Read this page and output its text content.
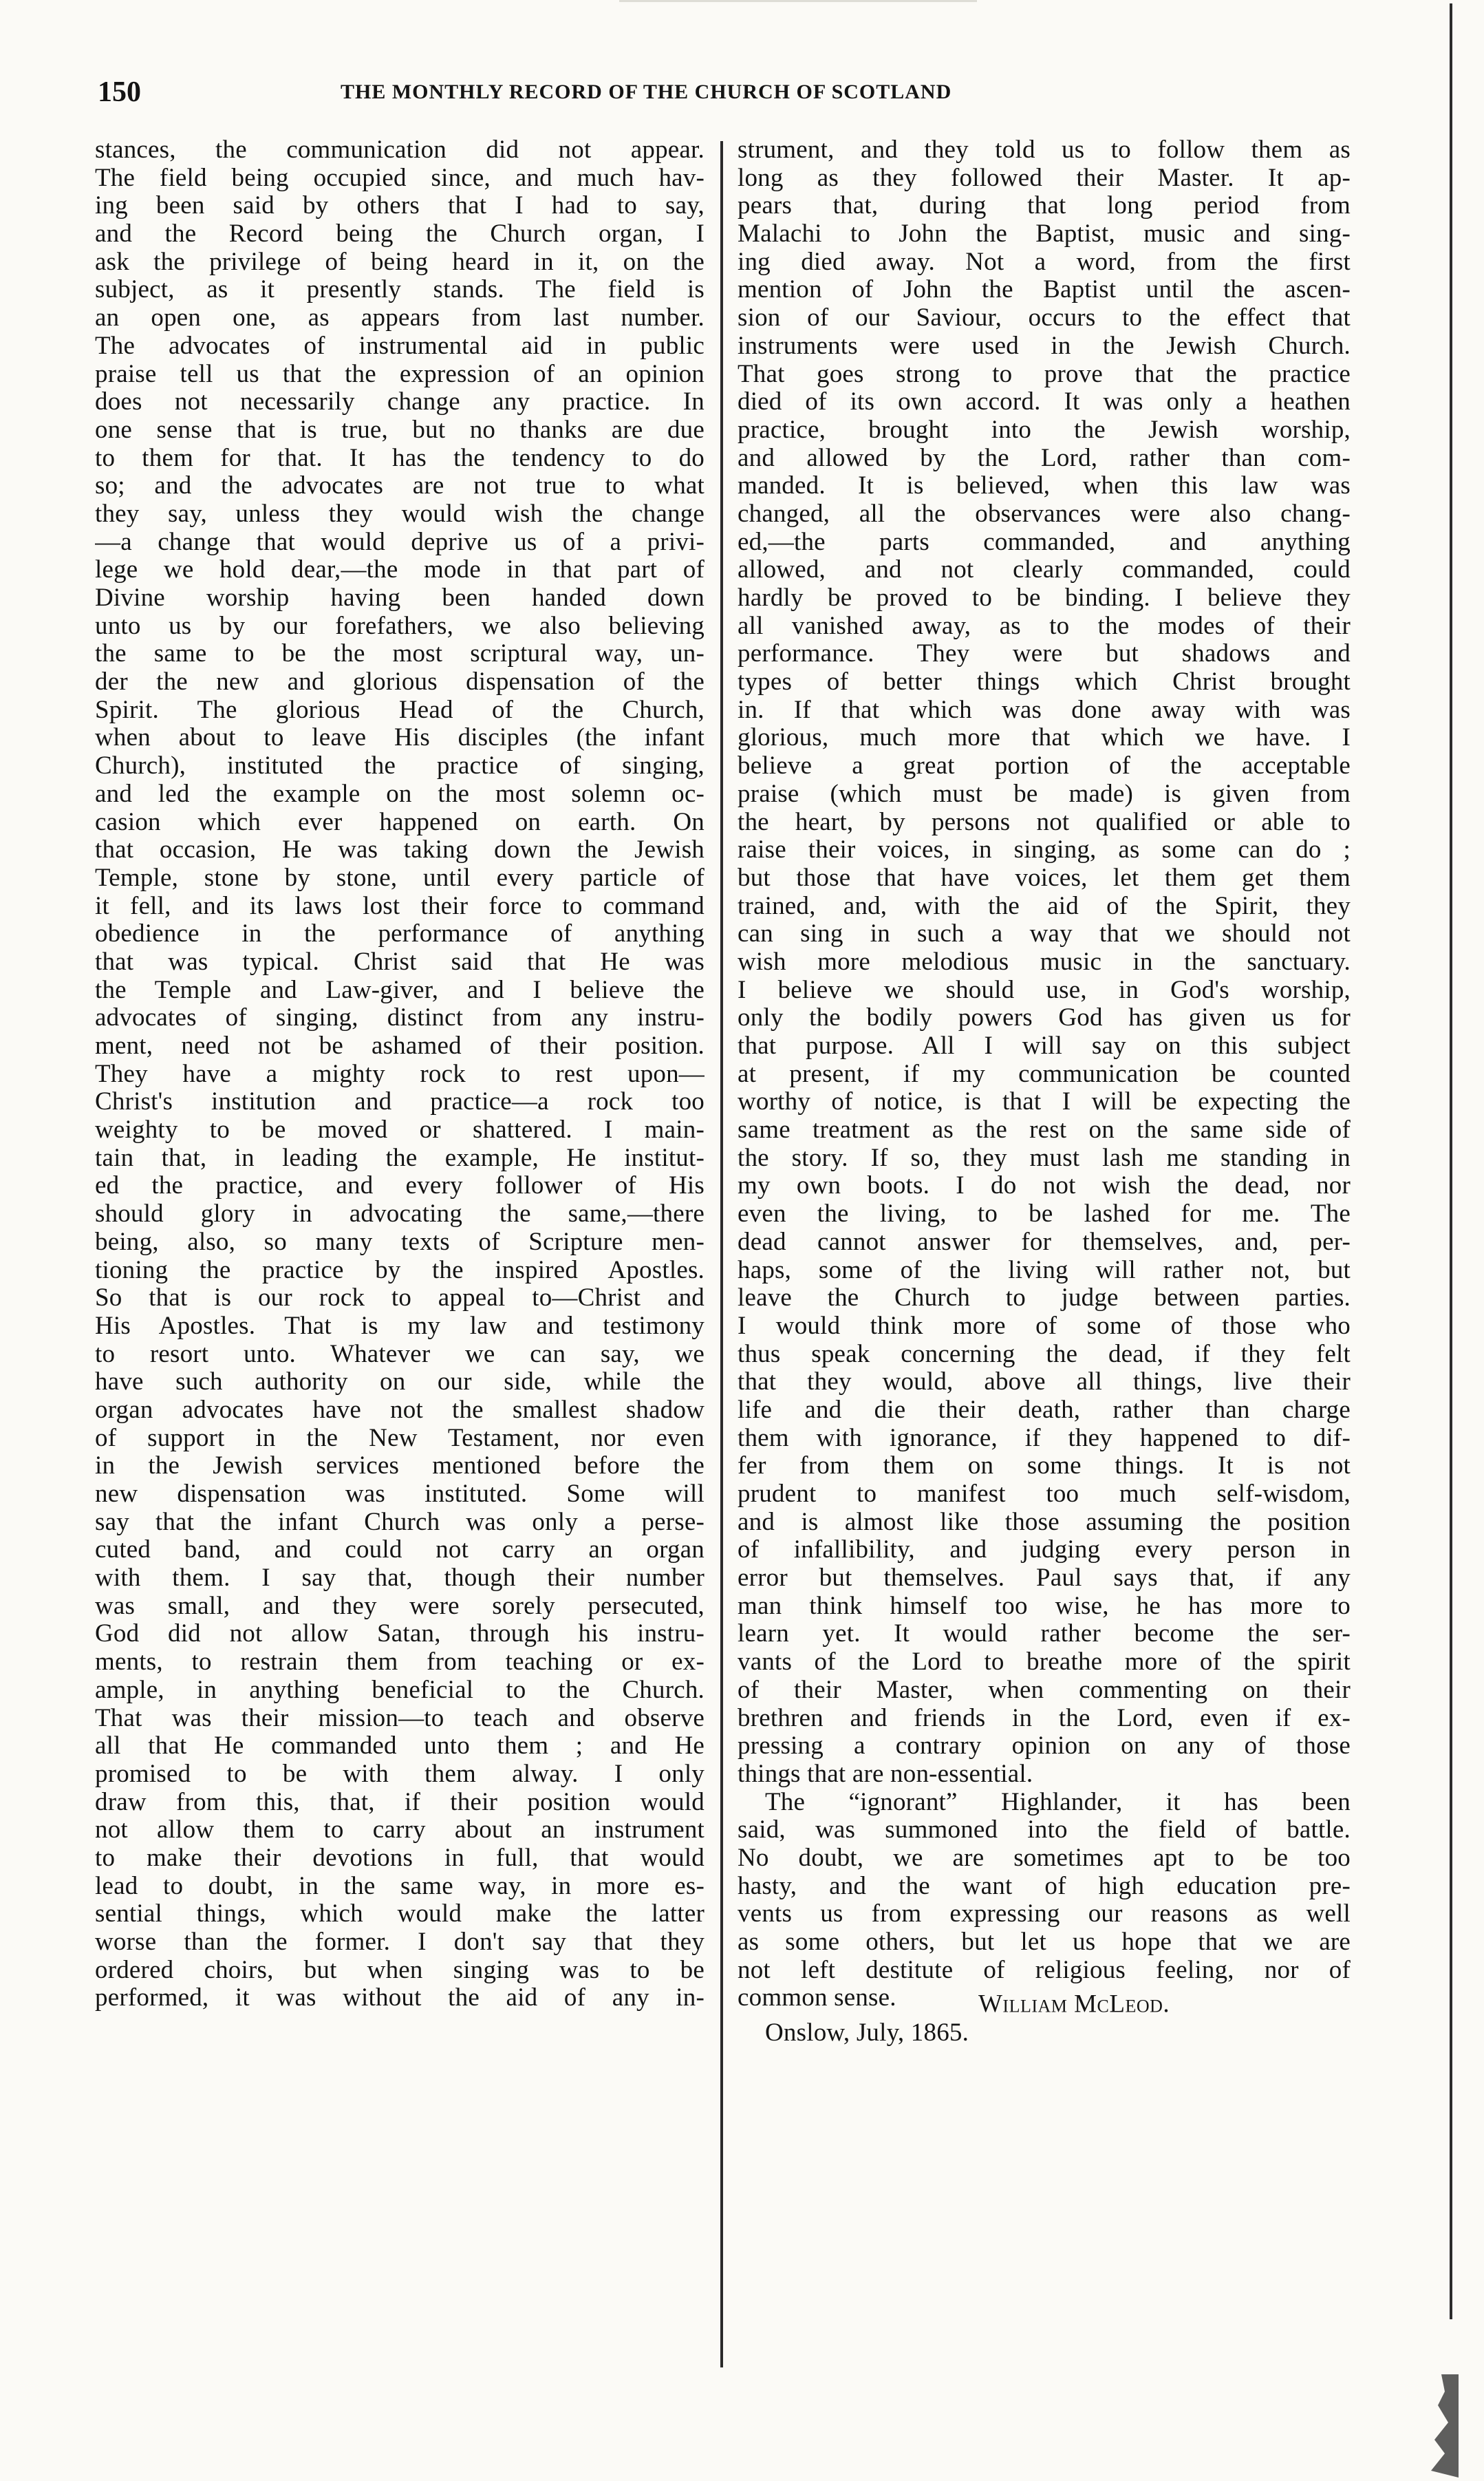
150	THE MONTHLY RECORD OF THE CHURCH OF SCOTLAND
stances, the communication did not appear.
The field being occupied since, and much hav-
ing been said by others that I had to say,
and the Record being the Church organ, I
ask the privilege of being heard in it, on the
subject, as it presently stands. The field is
an open one, as appears from last number.
The advocates of instrumental aid in public
praise tell us that the expression of an opinion
does not necessarily change any practice. In
one sense that is true, but no thanks are due
to them for that. It has the tendency to do
so; and the advocates are not true to what
they say, unless they would wish the change
—a change that would deprive us of a privi-
lege we hold dear,—the mode in that part of
Divine worship having been handed down
unto us by our forefathers, we also believing
the same to be the most scriptural way, un-
der the new and glorious dispensation of the
Spirit. The glorious Head of the Church,
when about to leave His disciples (the infant
Church), instituted the practice of singing,
and led the example on the most solemn oc-
casion which ever happened on earth. On
that occasion, He was taking down the Jewish
Temple, stone by stone, until every particle of
it fell, and its laws lost their force to command
obedience in the performance of anything
that was typical. Christ said that He was
the Temple and Law-giver, and I believe the
advocates of singing, distinct from any instru-
ment, need not be ashamed of their position.
They have a mighty rock to rest upon—
Christ's institution and practice—a rock too
weighty to be moved or shattered. I main-
tain that, in leading the example, He institut-
ed the practice, and every follower of His
should glory in advocating the same,—there
being, also, so many texts of Scripture men-
tioning the practice by the inspired Apostles.
So that is our rock to appeal to—Christ and
His Apostles. That is my law and testimony
to resort unto. Whatever we can say, we
have such authority on our side, while the
organ advocates have not the smallest shadow
of support in the New Testament, nor even
in the Jewish services mentioned before the
new dispensation was instituted. Some will
say that the infant Church was only a perse-
cuted band, and could not carry an organ
with them. I say that, though their number
was small, and they were sorely persecuted,
God did not allow Satan, through his instru-
ments, to restrain them from teaching or ex-
ample, in anything beneficial to the Church.
That was their mission—to teach and observe
all that He commanded unto them ; and He
promised to be with them alway. I only
draw from this, that, if their position would
not allow them to carry about an instrument
to make their devotions in full, that would
lead to doubt, in the same way, in more es-
sential things, which would make the latter
worse than the former. I don't say that they
ordered choirs, but when singing was to be
performed, it was without the aid of any in-
strument, and they told us to follow them as
long as they followed their Master. It ap-
pears that, during that long period from
Malachi to John the Baptist, music and sing-
ing died away. Not a word, from the first
mention of John the Baptist until the ascen-
sion of our Saviour, occurs to the effect that
instruments were used in the Jewish Church.
That goes strong to prove that the practice
died of its own accord. It was only a heathen
practice, brought into the Jewish worship,
and allowed by the Lord, rather than com-
manded. It is believed, when this law was
changed, all the observances were also chang-
ed,—the parts commanded, and anything
allowed, and not clearly commanded, could
hardly be proved to be binding. I believe they
all vanished away, as to the modes of their
performance. They were but shadows and
types of better things which Christ brought
in. If that which was done away with was
glorious, much more that which we have. I
believe a great portion of the acceptable
praise (which must be made) is given from
the heart, by persons not qualified or able to
raise their voices, in singing, as some can do ;
but those that have voices, let them get them
trained, and, with the aid of the Spirit, they
can sing in such a way that we should not
wish more melodious music in the sanctuary.
I believe we should use, in God's worship,
only the bodily powers God has given us for
that purpose. All I will say on this subject
at present, if my communication be counted
worthy of notice, is that I will be expecting the
same treatment as the rest on the same side of
the story. If so, they must lash me standing in
my own boots. I do not wish the dead, nor
even the living, to be lashed for me. The
dead cannot answer for themselves, and, per-
haps, some of the living will rather not, but
leave the Church to judge between parties.
I would think more of some of those who
thus speak concerning the dead, if they felt
that they would, above all things, live their
life and die their death, rather than charge
them with ignorance, if they happened to dif-
fer from them on some things. It is not
prudent to manifest too much self-wisdom,
and is almost like those assuming the position
of infallibility, and judging every person in
error but themselves. Paul says that, if any
man think himself too wise, he has more to
learn yet. It would rather become the ser-
vants of the Lord to breathe more of the spirit
of their Master, when commenting on their
brethren and friends in the Lord, even if ex-
pressing a contrary opinion on any of those
things that are non-essential.
The “ignorant” Highlander, it has been
said, was summoned into the field of battle.
No doubt, we are sometimes apt to be too
hasty, and the want of high education pre-
vents us from expressing our reasons as well
as some others, but let us hope that we are
not left destitute of religious feeling, nor of
common sense.	William McLeod.
Onslow, July, 1865.
